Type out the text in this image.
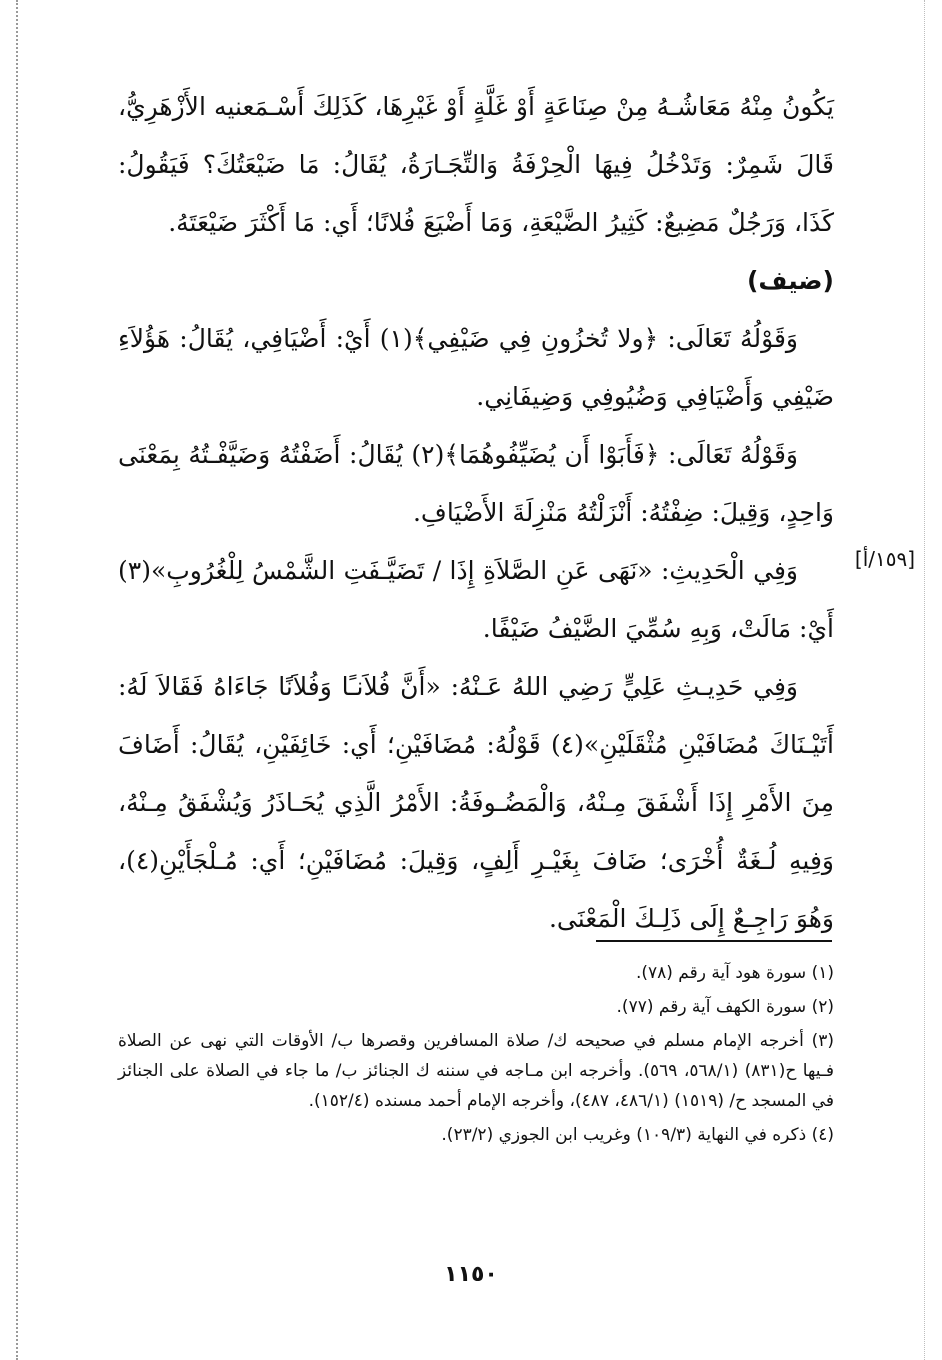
يَكُونُ مِنْهُ مَعَاشُـهُ مِنْ صِنَاعَةٍ أَوْ غَلَّةٍ أَوْ غَيْرِهَا، كَذَلِكَ أَسْـمَعنيه الأَزْهَرِيُّ، قَالَ شَمِرٌ: وَتَدْخُلُ فِيهَا الْحِرْفَةُ وَالتِّجَـارَةُ، يُقَالُ: مَا ضَيْعَتُكَ؟ فَيَقُولُ: كَذَا، وَرَجُلٌ مَضِيعٌ: كَثِيرُ الضَّيْعَةِ، وَمَا أَضْيَعَ فُلانًا؛ أَي: مَا أَكْثَرَ ضَيْعَتَهُ.

(ضيف)

وَقَوْلُهُ تَعَالَى: ﴿ولا تُخزُونِ فِي ضَيْفِي﴾(١) أَيْ: أَضْيَافِي، يُقَالُ: هَؤُلاَءِ ضَيْفِي وَأَضْيَافِي وَضُيُوفِي وَضِيفَانِي.

وَقَوْلُهُ تَعَالَى: ﴿فَأَبَوْا أَن يُضَيِّفُوهُمَا﴾(٢) يُقَالُ: أَضَفْتُهُ وَضَيَّفْـتُهُ بِمَعْنَى وَاحِدٍ، وَقِيلَ: ضِفْتُهُ: أَنْزَلْتُهُ مَنْزِلَةَ الأَضْيَافِ.

وَفِي الْحَدِيثِ: «نَهَى عَنِ الصَّلاَةِ إِذَا / تَضَيَّـفَتِ الشَّمْسُ لِلْغُرُوبِ»(٣) أَيْ: مَالَتْ، وَبِهِ سُمِّيَ الضَّيْفُ ضَيْفًا.

وَفِي حَدِيـثِ عَلِيٍّ رَضِي اللهُ عَـنْهُ: «أَنَّ فُلاَنـًا وَفُلاَنًا جَاءَاهُ فَقَالاَ لَهُ: أَتَيْـنَاكَ مُضَافَيْنِ مُثْقَلَيْنِ»(٤) قَوْلُهُ: مُضَافَيْنِ؛ أَي: خَائِفَيْنِ، يُقَالُ: أَضَافَ مِنَ الأَمْرِ إِذَا أَشْفَقَ مِـنْهُ، وَالْمَضُـوفَةُ: الأَمْرُ الَّذِي يُحَـاذَرُ وَيُشْفَقُ مِـنْهُ، وَفِيهِ لُـغَةٌ أُخْرَى؛ ضَافَ بِغَيْـرِ أَلِفٍ، وَقِيلَ: مُضَافَيْنِ؛ أَي: مُـلْجَأَيْنِ(٤)، وَهُوَ رَاجِـعٌ إِلَى ذَلِـكَ الْمَعْنَى.

[١٥٩/أ]

(١) سورة هود آية رقم (٧٨).

(٢) سورة الكهف آية رقم (٧٧).

(٣) أخرجه الإمام مسلم في صحيحه ك/ صلاة المسافرين وقصرها ب/ الأوقات التي نهى عن الصلاة فـيها ح(٨٣١) (٥٦٨/١، ٥٦٩). وأخرجه ابن مـاجه في سننه ك الجنائز ب/ ما جاء في الصلاة على الجنائز في المسجد ح/ (١٥١٩) (٤٨٦/١، ٤٨٧)، وأخرجه الإمام أحمد مسنده (١٥٢/٤).

(٤) ذكره في النهاية (١٠٩/٣) وغريب ابن الجوزي (٢٣/٢).

١١٥٠
